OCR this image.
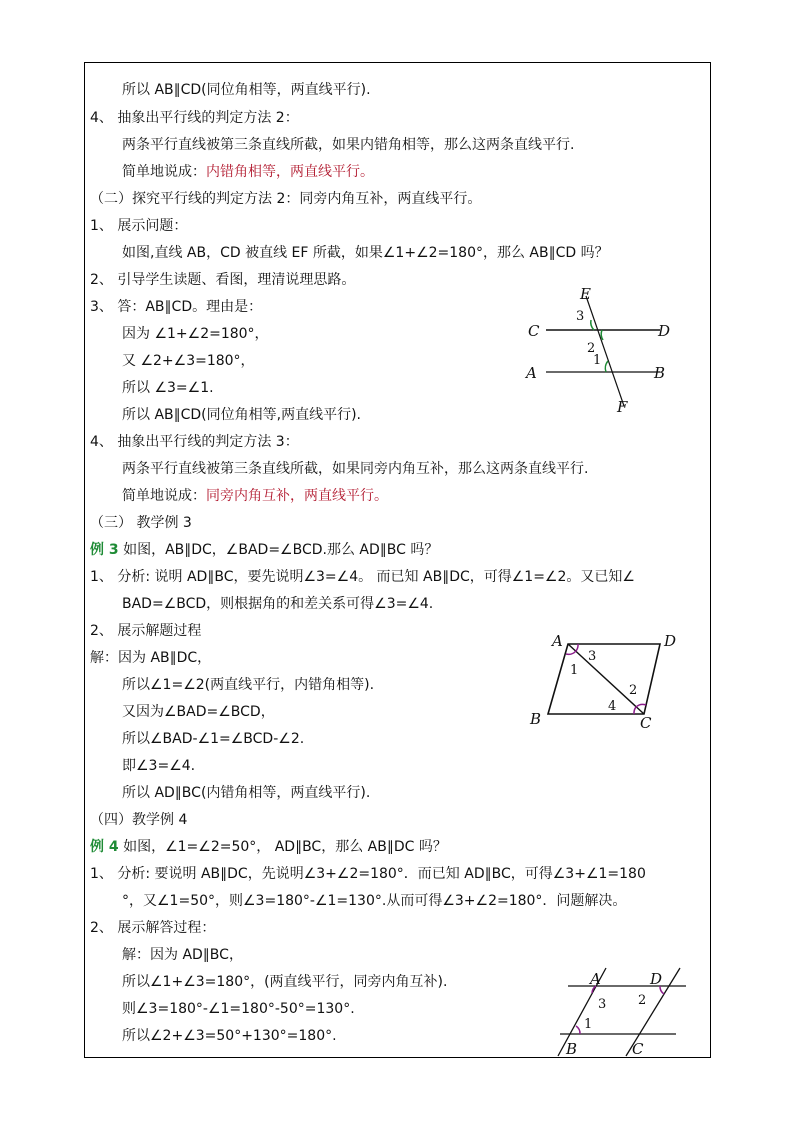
所以 AB∥CD(同位角相等，两直线平行).
4、 抽象出平行线的判定方法 2：
两条平行直线被第三条直线所截，如果内错角相等，那么这两条直线平行.
简单地说成：内错角相等，两直线平行。
（二）探究平行线的判定方法 2：同旁内角互补，两直线平行。
1、 展示问题：
如图,直线 AB，CD 被直线 EF 所截，如果∠1+∠2=180°，那么 AB∥CD 吗？
2、 引导学生读题、看图，理清说理思路。
3、 答：AB∥CD。理由是：
因为 ∠1+∠2=180°，
又 ∠2+∠3=180°，
所以 ∠3=∠1.
所以 AB∥CD(同位角相等,两直线平行).
4、 抽象出平行线的判定方法 3：
两条平行直线被第三条直线所截，如果同旁内角互补，那么这两条直线平行.
简单地说成：同旁内角互补，两直线平行。
（三） 教学例 3
例 3 如图，AB∥DC，∠BAD=∠BCD.那么 AD∥BC 吗？
1、 分析: 说明 AD∥BC，要先说明∠3=∠4。 而已知 AB∥DC，可得∠1=∠2。又已知∠
BAD=∠BCD，则根据角的和差关系可得∠3=∠4.
2、 展示解题过程
解：因为 AB∥DC，
所以∠1=∠2(两直线平行，内错角相等).
又因为∠BAD=∠BCD，
所以∠BAD-∠1=∠BCD-∠2.
即∠3=∠4.
所以 AD∥BC(内错角相等，两直线平行).
（四）教学例 4
例 4 如图，∠1=∠2=50°， AD∥BC，那么 AB∥DC 吗？
1、 分析: 要说明 AB∥DC，先说明∠3+∠2=180°．而已知 AD∥BC，可得∠3+∠1=180
°，又∠1=50°，则∠3=180°-∠1=130°.从而可得∠3+∠2=180°．问题解决。
2、 展示解答过程：
解：因为 AD∥BC，
所以∠1+∠3=180°，(两直线平行，同旁内角互补).
则∠3=180°-∠1=180°-50°=130°.
所以∠2+∠3=50°+130°=180°.
E
C	D
A	B
F
3
2
1
A	D
B	C
1
3
2
4
A	D
B	C
3
1
2
